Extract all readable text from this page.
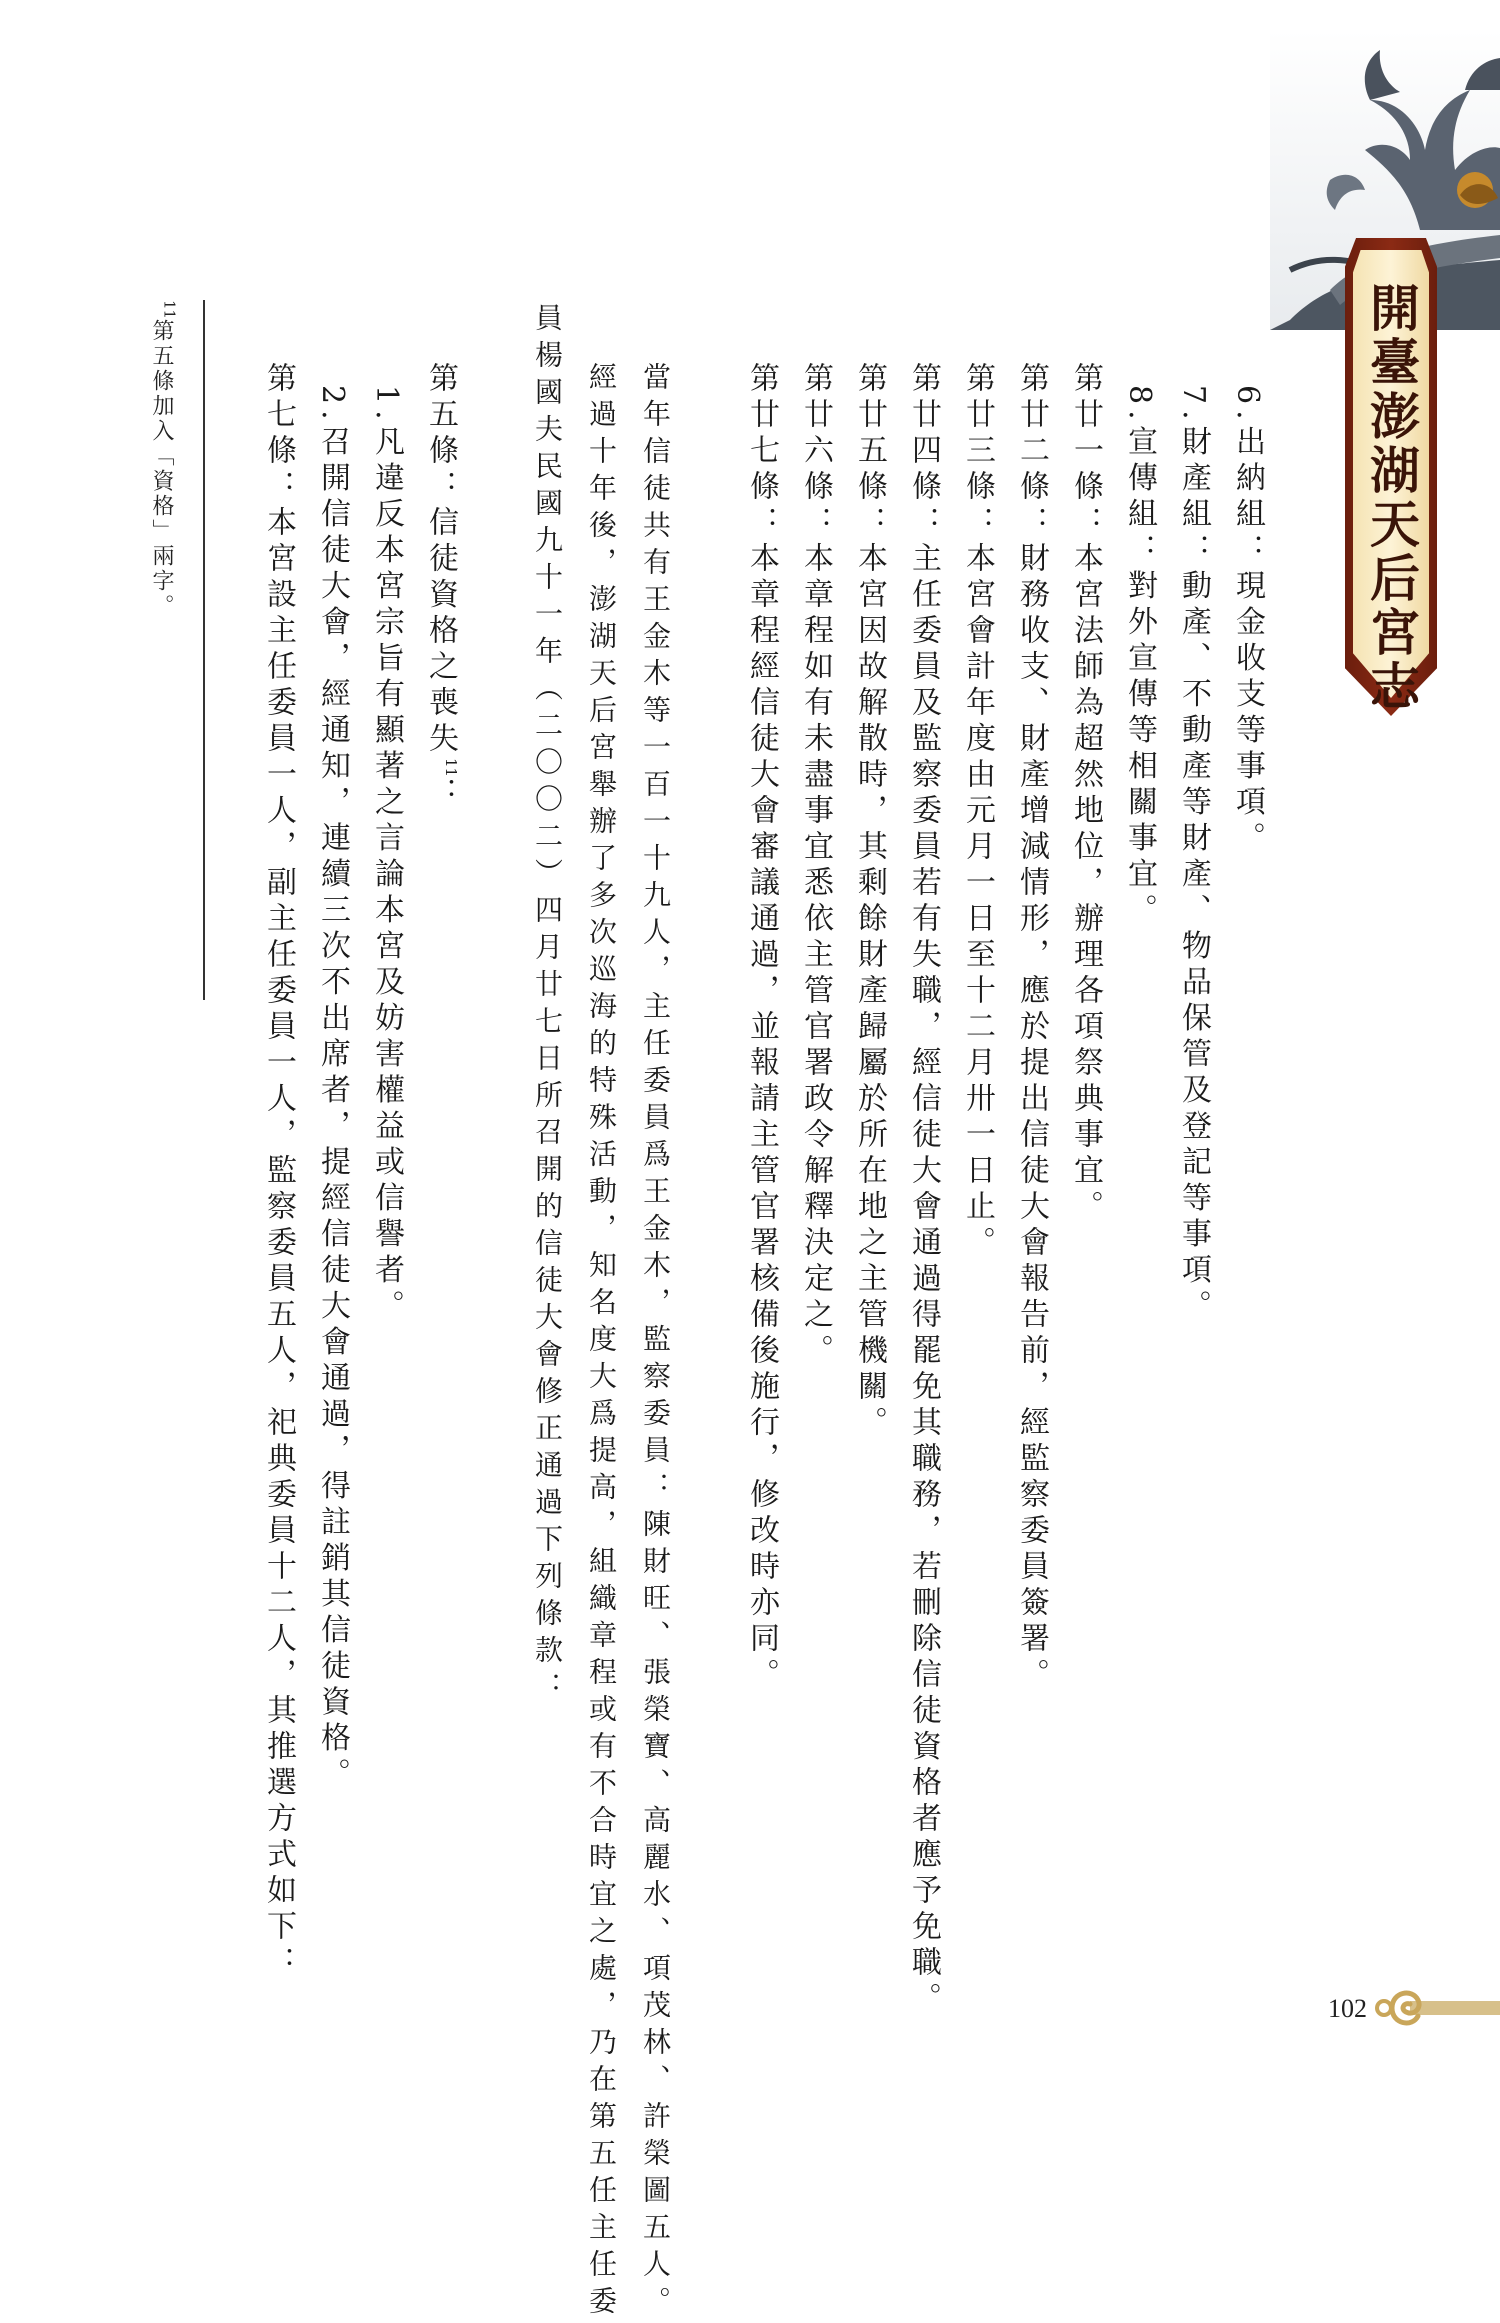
開臺澎湖天后宮志
6.出納組：現金收支等事項。
7.財產組：動產、不動產等財產、物品保管及登記等事項。
8.宣傳組：對外宣傳等相關事宜。
第廿一條：本宮法師為超然地位，辦理各項祭典事宜。
第廿二條：財務收支、財產增減情形，應於提出信徒大會報告前，經監察委員簽署。
第廿三條：本宮會計年度由元月一日至十二月卅一日止。
第廿四條：主任委員及監察委員若有失職，經信徒大會通過得罷免其職務，若刪除信徒資格者應予免職。
第廿五條：本宮因故解散時，其剩餘財產歸屬於所在地之主管機關。
第廿六條：本章程如有未盡事宜悉依主管官署政令解釋決定之。
第廿七條：本章程經信徒大會審議通過，並報請主管官署核備後施行，修改時亦同。
當年信徒共有王金木等一百一十九人，主任委員爲王金木，監察委員：陳財旺、張榮寶、高麗水、項茂林、許榮圖五人。
經過十年後，澎湖天后宮舉辦了多次巡海的特殊活動，知名度大爲提高，組織章程或有不合時宜之處，乃在第五任主任委
員楊國夫民國九十一年（二〇〇二）四月廿七日所召開的信徒大會修正通過下列條款：
第五條：信徒資格之喪失$^{11}$：
1.凡違反本宮宗旨有顯著之言論本宮及妨害權益或信譽者。
2.召開信徒大會，經通知，連續三次不出席者，提經信徒大會通過，得註銷其信徒資格。
第七條：本宮設主任委員一人，副主任委員一人，監察委員五人，祀典委員十二人，其推選方式如下：
$^{11}$第五條加入「資格」兩字。
102
